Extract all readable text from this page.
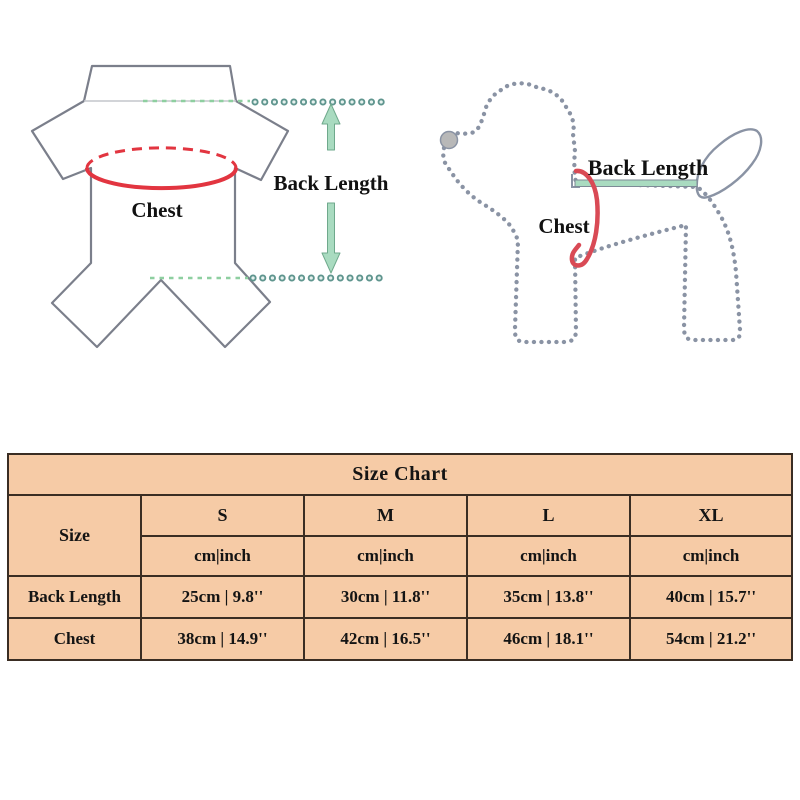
Back Length
Chest
Back Length
Chest
Size Chart				
Size	S	M	L	XL
	cm|inch	cm|inch	cm|inch	cm|inch
Back Length	25cm | 9.8''	30cm | 11.8''	35cm | 13.8''	40cm | 15.7''
Chest	38cm | 14.9''	42cm | 16.5''	46cm | 18.1''	54cm | 21.2''
